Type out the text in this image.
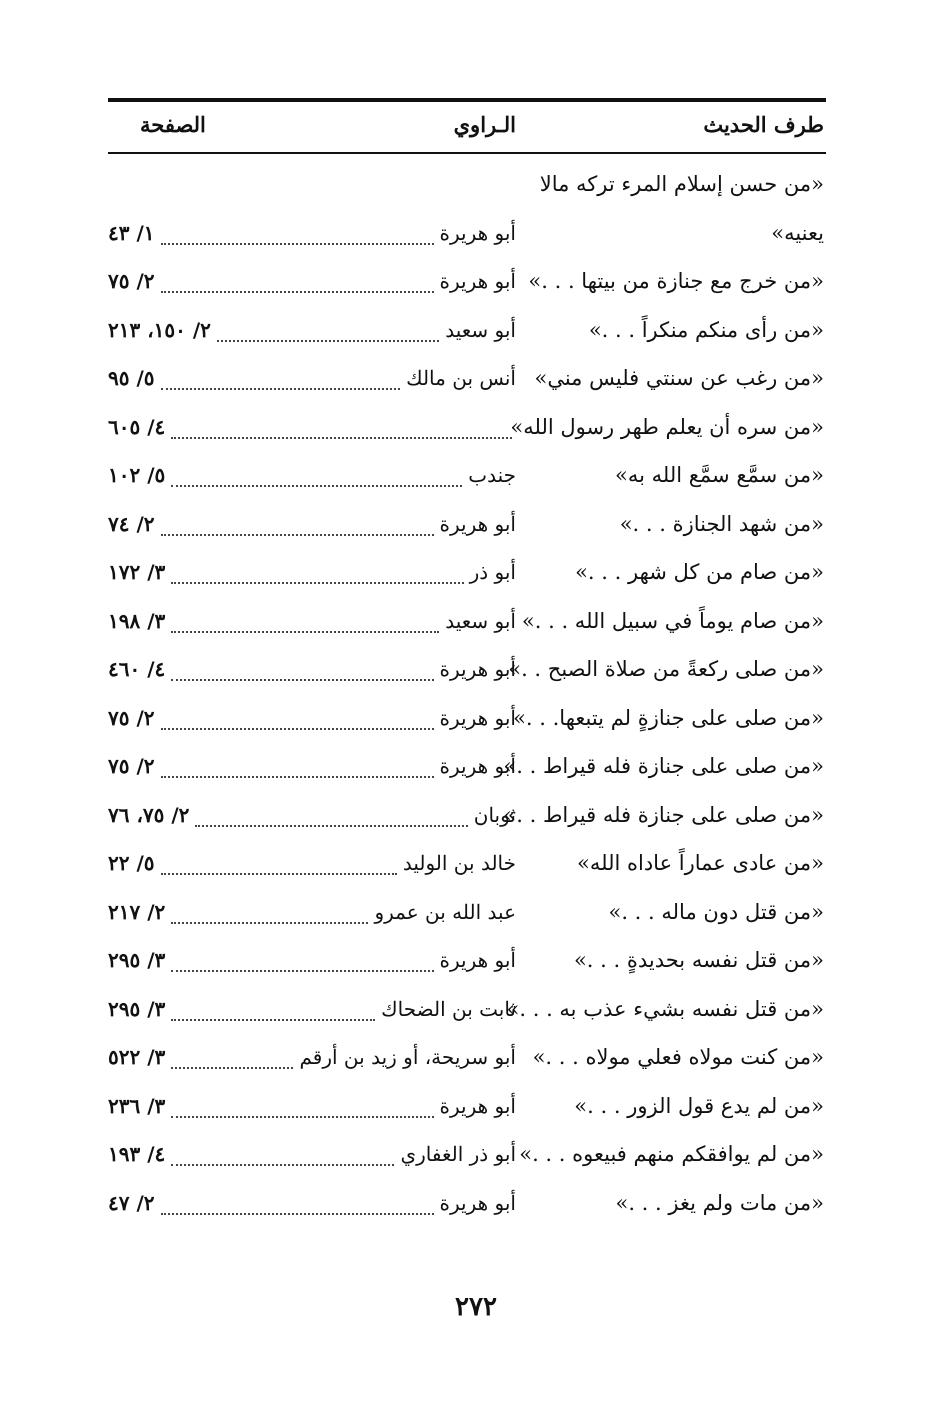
طرف الحديث
الـراوي
الصفحة
«من حسن إسلام المرء تركه مالا
يعنيه»
أبو هريرة
١/ ٤٣
«من خرج مع جنازة من بيتها . . .»
أبو هريرة
٢/ ٧٥
«من رأى منكم منكراً . . .»
أبو سعيد
٢/ ١٥٠، ٢١٣
«من رغب عن سنتي فليس مني»
أنس بن مالك
٥/ ٩٥
«من سره أن يعلم طهر رسول الله»
٤/ ٦٠٥
«من سمَّع سمَّع الله به»
جندب
٥/ ١٠٢
«من شهد الجنازة . . .»
أبو هريرة
٢/ ٧٤
«من صام من كل شهر . . .»
أبو ذر
٣/ ١٧٢
«من صام يوماً في سبيل الله . . .»
أبو سعيد
٣/ ١٩٨
«من صلى ركعةً من صلاة الصبح . .»
أبو هريرة
٤/ ٤٦٠
«من صلى على جنازةٍ لم يتبعها. . .»
أبو هريرة
٢/ ٧٥
«من صلى على جنازة فله قيراط . .»
أبو هريرة
٢/ ٧٥
«من صلى على جنازة فله قيراط . .»
ثوبان
٢/ ٧٥، ٧٦
«من عادى عماراً عاداه الله»
خالد بن الوليد
٥/ ٢٢
«من قتل دون ماله . . .»
عبد الله بن عمرو
٢/ ٢١٧
«من قتل نفسه بحديدةٍ . . .»
أبو هريرة
٣/ ٢٩٥
«من قتل نفسه بشيء عذب به . . .»
ثابت بن الضحاك
٣/ ٢٩٥
«من كنت مولاه فعلي مولاه . . .»
أبو سريحة، أو زيد بن أرقم
٣/ ٥٢٢
«من لم يدع قول الزور . . .»
أبو هريرة
٣/ ٢٣٦
«من لم يوافقكم منهم فبيعوه . . .»
أبو ذر الغفاري
٤/ ١٩٣
«من مات ولم يغز . . .»
أبو هريرة
٢/ ٤٧
٢٧٢
